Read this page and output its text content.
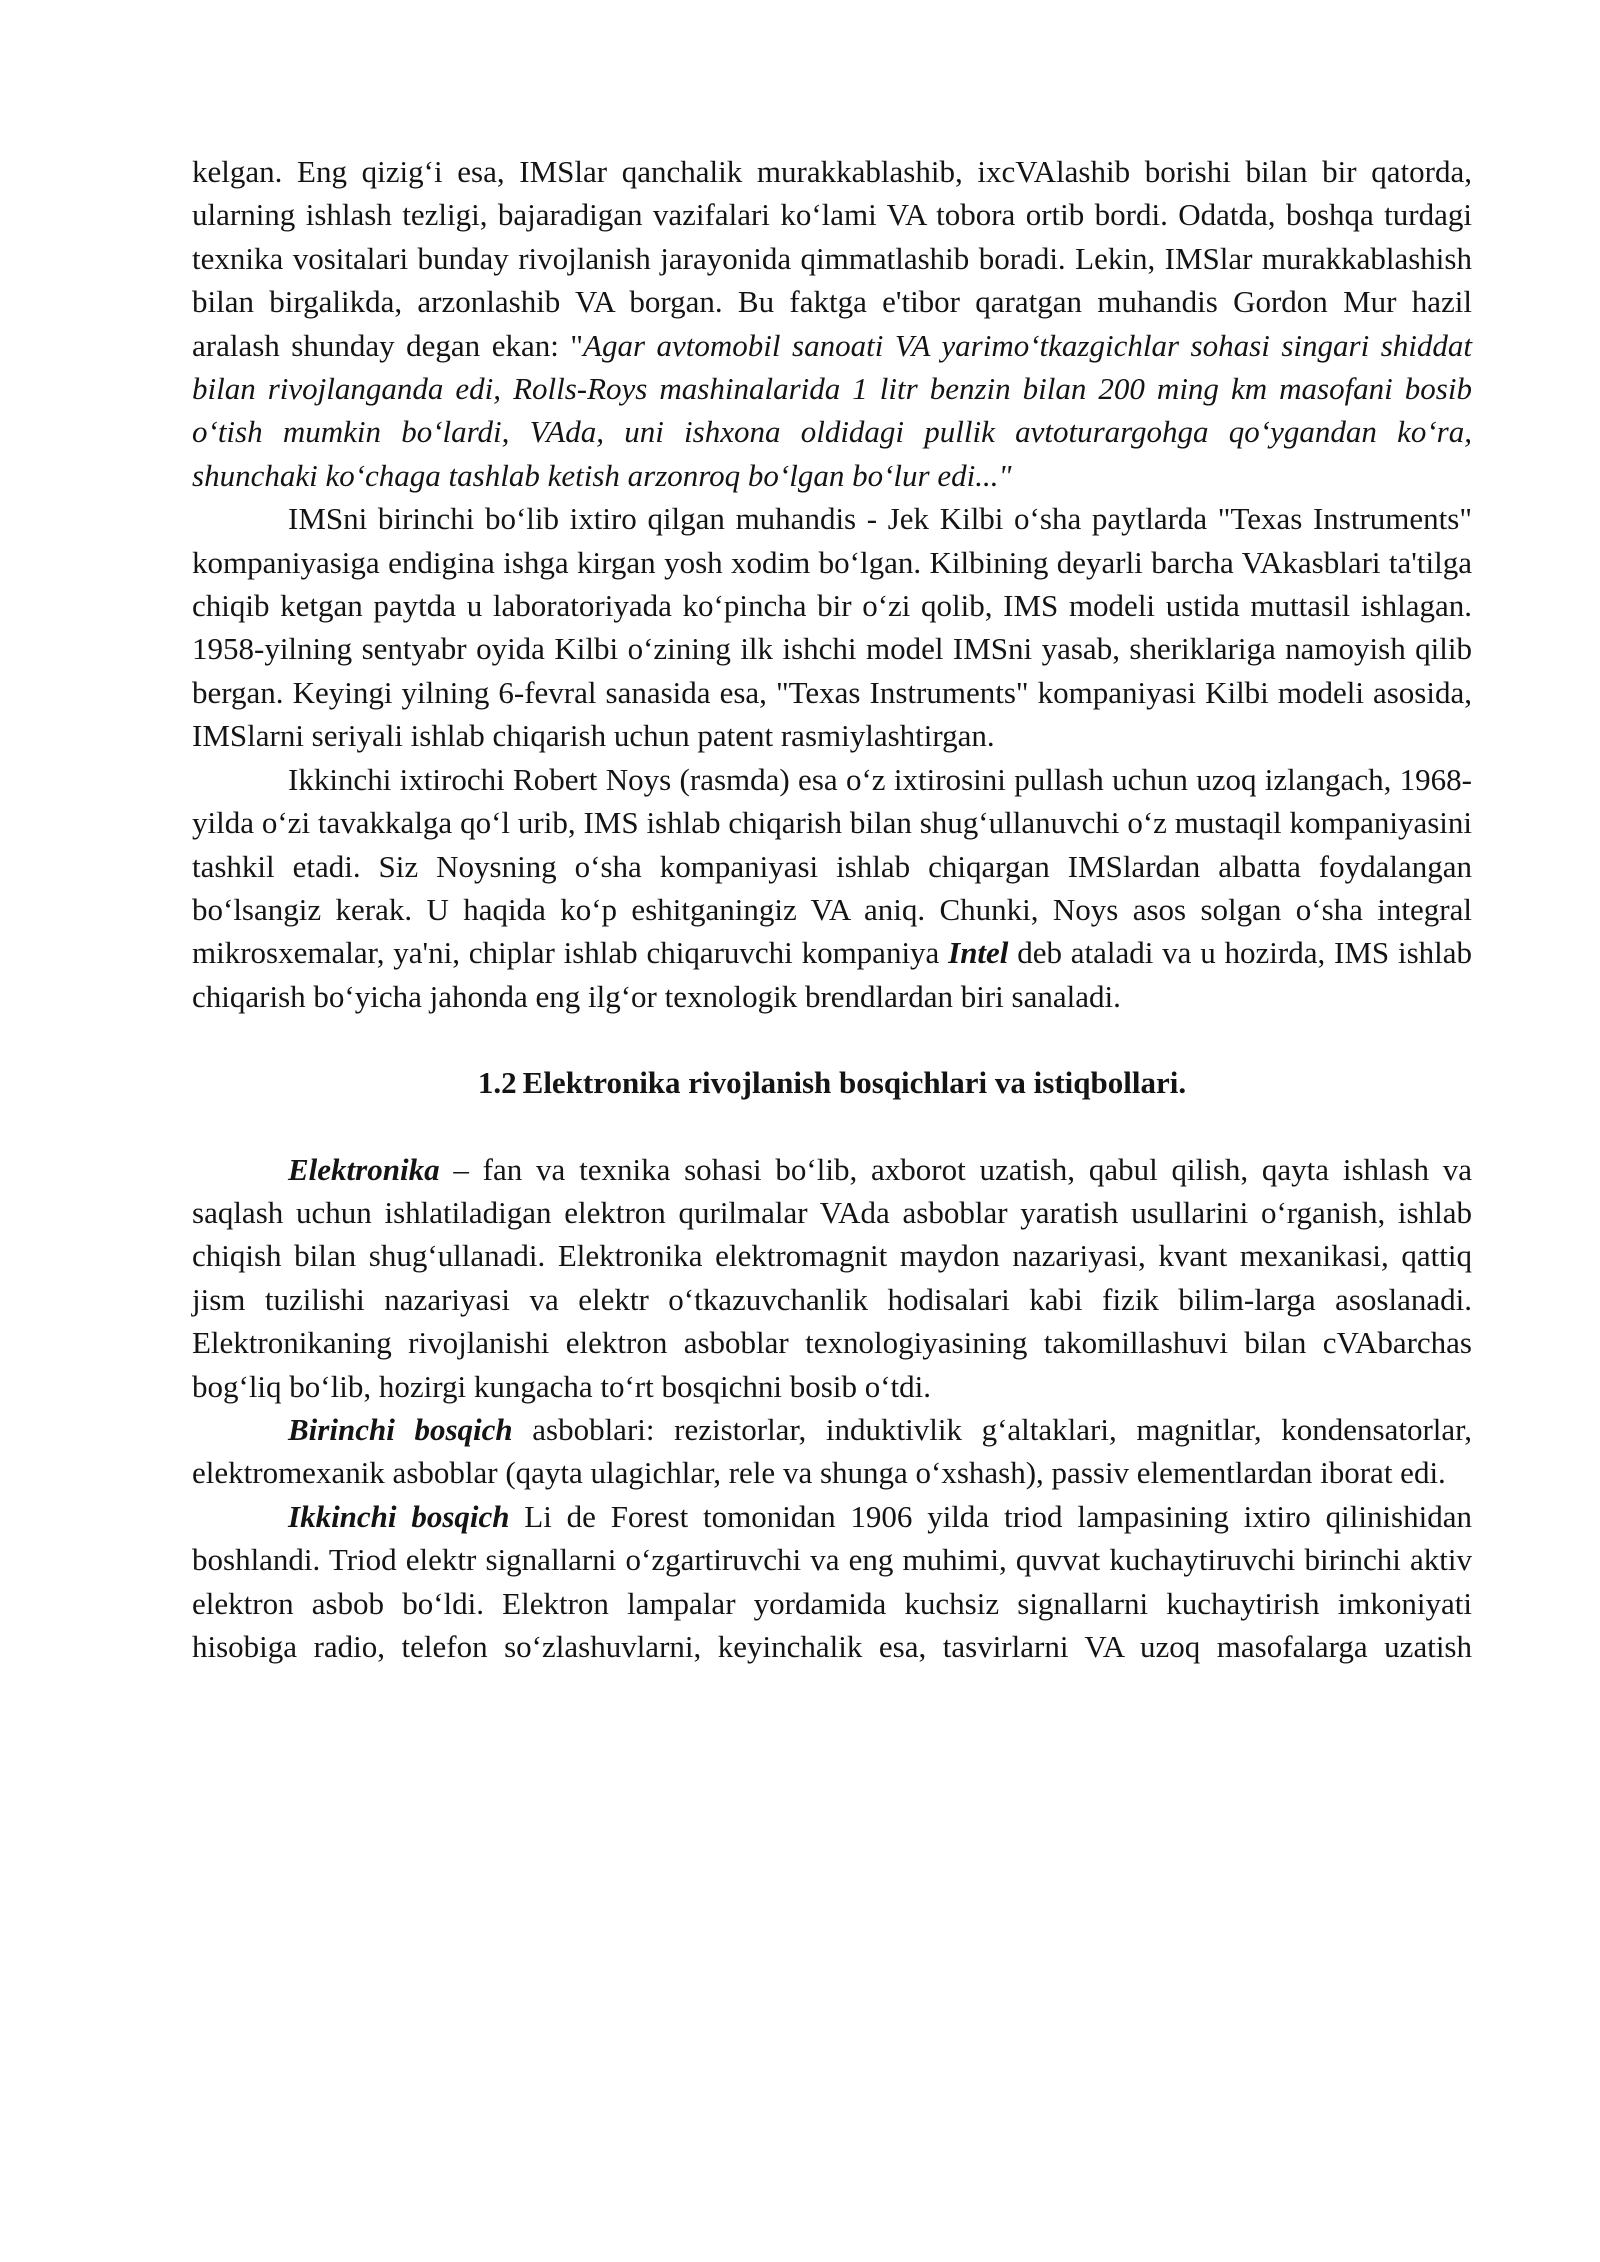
kelgan. Eng qizig‘i esa, IMSlar qanchalik murakkablashib, ixcVAlashib borishi bilan bir qatorda, ularning ishlash tezligi, bajaradigan vazifalari ko‘lami VA tobora ortib bordi. Odatda, boshqa turdagi texnika vositalari bunday rivojlanish jarayonida qimmatlashib boradi. Lekin, IMSlar murakkablashish bilan birgalikda, arzonlashib VA borgan. Bu faktga e'tibor qaratgan muhandis Gordon Mur hazil aralash shunday degan ekan: "Agar avtomobil sanoati VA yarimo‘tkazgichlar sohasi singari shiddat bilan rivojlanganda edi, Rolls-Roys mashinalarida 1 litr benzin bilan 200 ming km masofani bosib o‘tish mumkin bo‘lardi, VAda, uni ishxona oldidagi pullik avtoturargohga qo‘ygandan ko‘ra, shunchaki ko‘chaga tashlab ketish arzonroq bo‘lgan bo‘lur edi..."

IMSni birinchi bo‘lib ixtiro qilgan muhandis - Jek Kilbi o‘sha paytlarda "Texas Instruments" kompaniyasiga endigina ishga kirgan yosh xodim bo‘lgan. Kilbining deyarli barcha VAkasblari ta'tilga chiqib ketgan paytda u laboratoriyada ko‘pincha bir o‘zi qolib, IMS modeli ustida muttasil ishlagan. 1958-yilning sentyabr oyida Kilbi o‘zining ilk ishchi model IMSni yasab, sheriklariga namoyish qilib bergan. Keyingi yilning 6-fevral sanasida esa, "Texas Instruments" kompaniyasi Kilbi modeli asosida, IMSlarni seriyali ishlab chiqarish uchun patent rasmiylashtirgan.

Ikkinchi ixtirochi Robert Noys (rasmda) esa o‘z ixtirosini pullash uchun uzoq izlangach, 1968-yilda o‘zi tavakkalga qo‘l urib, IMS ishlab chiqarish bilan shug‘ullanuvchi o‘z mustaqil kompaniyasini tashkil etadi. Siz Noysning o‘sha kompaniyasi ishlab chiqargan IMSlardan albatta foydalangan bo‘lsangiz kerak. U haqida ko‘p eshitganingiz VA aniq. Chunki, Noys asos solgan o‘sha integral mikrosxemalar, ya'ni, chiplar ishlab chiqaruvchi kompaniya Intel deb ataladi va u hozirda, IMS ishlab chiqarish bo‘yicha jahonda eng ilg‘or texnologik brendlardan biri sanaladi.

1.2 Elektronika rivojlanish bosqichlari va istiqbollari.

Elektronika – fan va texnika sohasi bo‘lib, axborot uzatish, qabul qilish, qayta ishlash va saqlash uchun ishlatiladigan elektron qurilmalar VAda asboblar yaratish usullarini o‘rganish, ishlab chiqish bilan shug‘ullanadi. Elektronika elektromagnit maydon nazariyasi, kvant mexanikasi, qattiq jism tuzilishi nazariyasi va elektr o‘tkazuvchanlik hodisalari kabi fizik bilim-larga asoslanadi. Elektronikaning rivojlanishi elektron asboblar texnologiyasining takomillashuvi bilan cVAbarchas bog‘liq bo‘lib, hozirgi kungacha to‘rt bosqichni bosib o‘tdi.

Birinchi bosqich asboblari: rezistorlar, induktivlik g‘altaklari, magnitlar, kondensatorlar, elektromexanik asboblar (qayta ulagichlar, rele va shunga o‘xshash), passiv elementlardan iborat edi.

Ikkinchi bosqich Li de Forest tomonidan 1906 yilda triod lampasining ixtiro qilinishidan boshlandi. Triod elektr signallarni o‘zgartiruvchi va eng muhimi, quvvat kuchaytiruvchi birinchi aktiv elektron asbob bo‘ldi. Elektron lampalar yordamida kuchsiz signallarni kuchaytirish imkoniyati hisobiga radio, telefon so‘zlashuvlarni, keyinchalik esa, tasvirlarni VA uzoq masofalarga uzatish
